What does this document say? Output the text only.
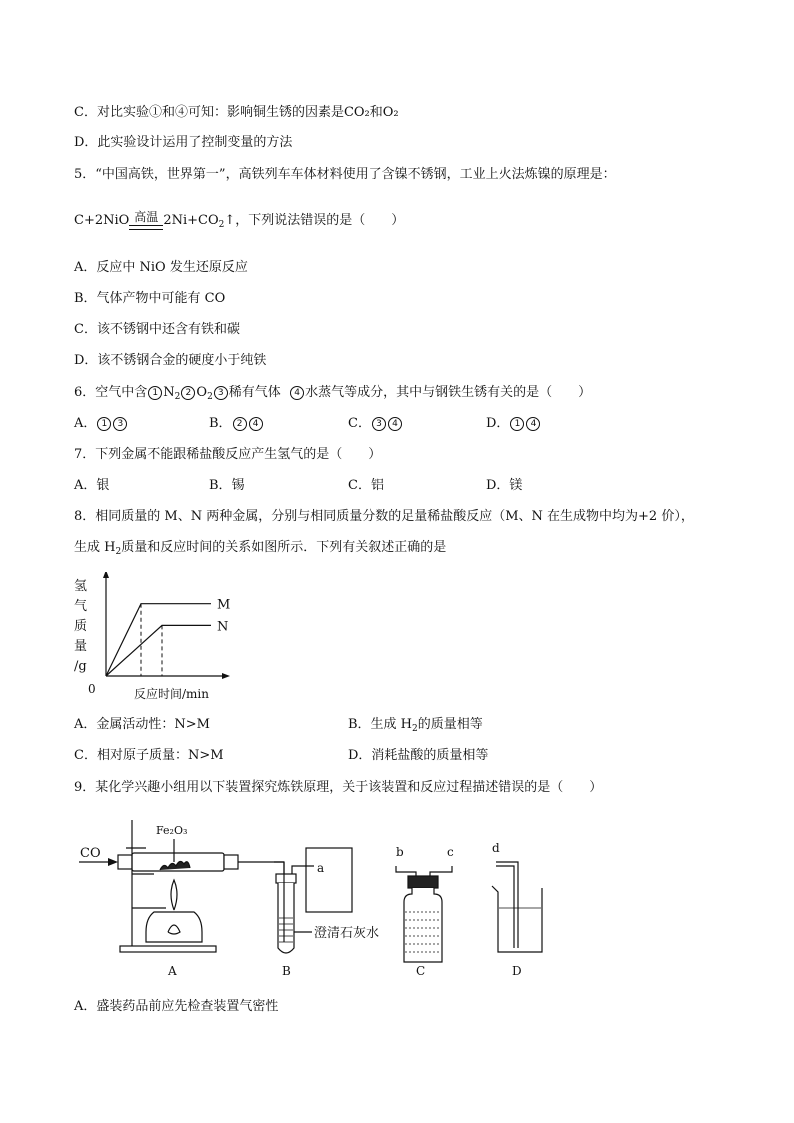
C．对比实验①和④可知：影响铜生锈的因素是CO₂和O₂
D．此实验设计运用了控制变量的方法
5．“中国高铁，世界第一”，高铁列车车体材料使用了含镍不锈钢，工业上火法炼镍的原理是：
C+2NiO 高温 $2Ni+CO_2↑$，下列说法错误的是（　　）
A．反应中 NiO 发生还原反应
B．气体产物中可能有 CO
C．该不锈钢中还含有铁和碳
D．该不锈钢合金的硬度小于纯铁
6．空气中含 1 $N_2$ 2 $O_2$ 3 稀有气体 4 水蒸气等成分，其中与钢铁生锈有关的是（　　）
A． 1 3	B． 2 4	C． 3 4	D． 1 4
7．下列金属不能跟稀盐酸反应产生氢气的是（　　）
A．银	B．锡	C．铝	D．镁
8．相同质量的 M、N 两种金属，分别与相同质量分数的足量稀盐酸反应（M、N 在生成物中均为+2 价），
生成 $H_2$质量和反应时间的关系如图所示．下列有关叙述正确的是
氢
气
质
量
/g
0	反应时间/min
M
N
A．金属活动性：N>M	B．生成 $H_2$的质量相等
C．相对原子质量：N>M	D．消耗盐酸的质量相等
9．某化学兴趣小组用以下装置探究炼铁原理，关于该装置和反应过程描述错误的是（　　）
CO
Fe₂O₃
A
a
澄清石灰水
B
b	c
C
d
D
A．盛装药品前应先检查装置气密性
